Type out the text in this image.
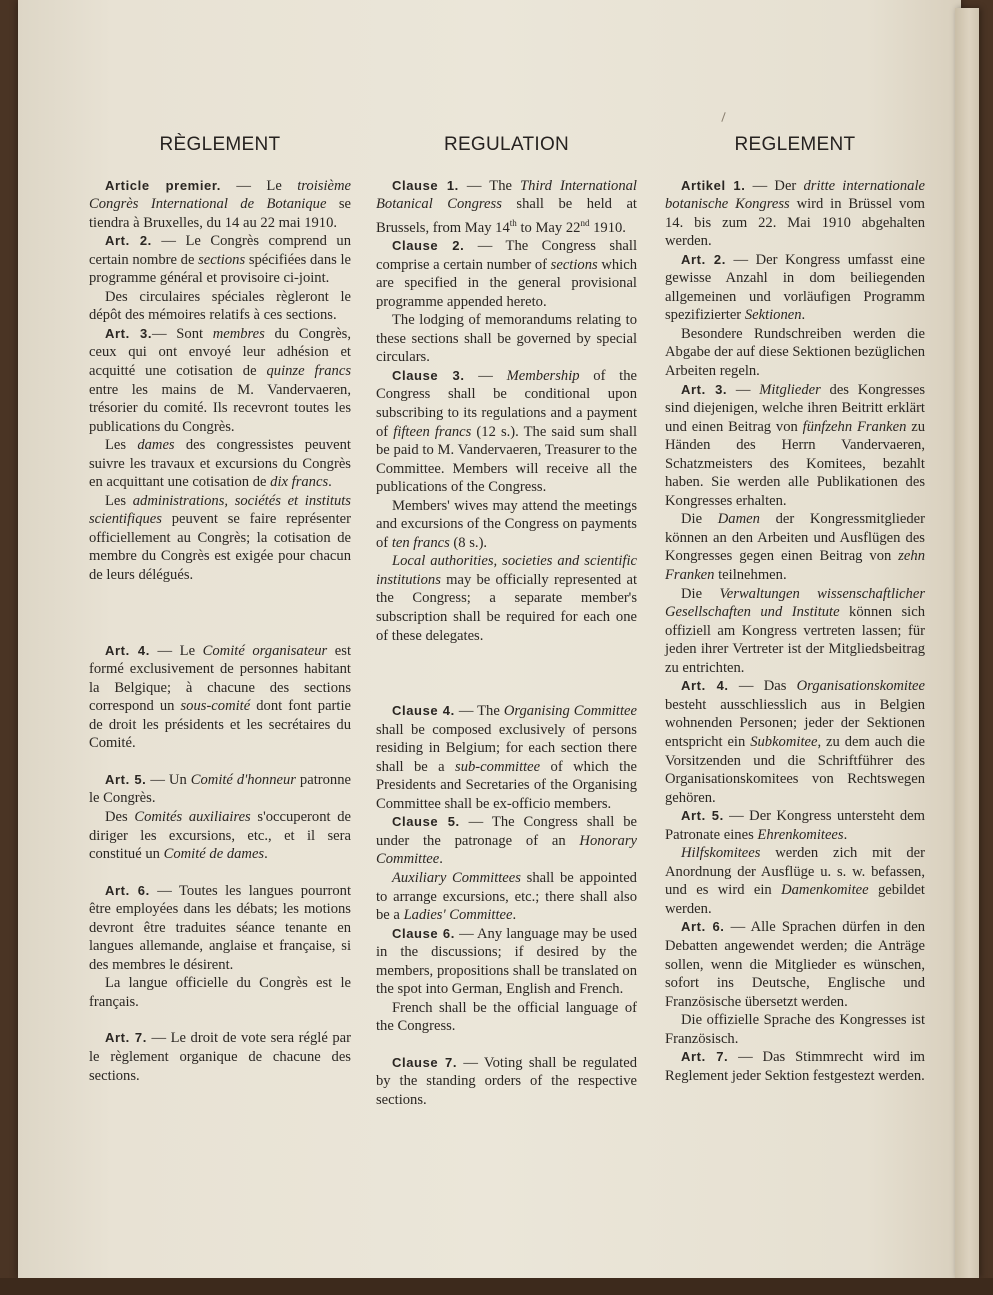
RÈGLEMENT

Article premier. — Le troisième Congrès International de Botanique se tiendra à Bruxelles, du 14 au 22 mai 1910.

Art. 2. — Le Congrès comprend un certain nombre de sections spécifiées dans le programme général et provisoire ci-joint.

Des circulaires spéciales règleront le dépôt des mémoires relatifs à ces sections.

Art. 3.— Sont membres du Congrès, ceux qui ont envoyé leur adhésion et acquitté une cotisation de quinze francs entre les mains de M. Vandervaeren, trésorier du comité. Ils recevront toutes les publications du Congrès.

Les dames des congressistes peuvent suivre les travaux et excursions du Congrès en acquittant une cotisation de dix francs.

Les administrations, sociétés et instituts scientifiques peuvent se faire représenter officiellement au Congrès; la cotisation de membre du Congrès est exigée pour chacun de leurs délégués.

Art. 4. — Le Comité organisateur est formé exclusivement de personnes habitant la Belgique; à chacune des sections correspond un sous-comité dont font partie de droit les présidents et les secrétaires du Comité.

Art. 5. — Un Comité d'honneur patronne le Congrès.

Des Comités auxiliaires s'occuperont de diriger les excursions, etc., et il sera constitué un Comité de dames.

Art. 6. — Toutes les langues pourront être employées dans les débats; les motions devront être traduites séance tenante en langues allemande, anglaise et française, si des membres le désirent.

La langue officielle du Congrès est le français.

Art. 7. — Le droit de vote sera réglé par le règlement organique de chacune des sections.

REGULATION

Clause 1. — The Third International Botanical Congress shall be held at Brussels, from May 14th to May 22nd 1910.

Clause 2. — The Congress shall comprise a certain number of sections which are specified in the general provisional programme appended hereto.

The lodging of memorandums relating to these sections shall be governed by special circulars.

Clause 3. — Membership of the Congress shall be conditional upon subscribing to its regulations and a payment of fifteen francs (12 s.). The said sum shall be paid to M. Vandervaeren, Treasurer to the Committee. Members will receive all the publications of the Congress.

Members' wives may attend the meetings and excursions of the Congress on payments of ten francs (8 s.).

Local authorities, societies and scientific institutions may be officially represented at the Congress; a separate member's subscription shall be required for each one of these delegates.

Clause 4. — The Organising Committee shall be composed exclusively of persons residing in Belgium; for each section there shall be a sub-committee of which the Presidents and Secretaries of the Organising Committee shall be ex-officio members.

Clause 5. — The Congress shall be under the patronage of an Honorary Committee.

Auxiliary Committees shall be appointed to arrange excursions, etc.; there shall also be a Ladies' Committee.

Clause 6. — Any language may be used in the discussions; if desired by the members, propositions shall be translated on the spot into German, English and French.

French shall be the official language of the Congress.

Clause 7. — Voting shall be regulated by the standing orders of the respective sections.

REGLEMENT

Artikel 1. — Der dritte internationale botanische Kongress wird in Brüssel vom 14. bis zum 22. Mai 1910 abgehalten werden.

Art. 2. — Der Kongress umfasst eine gewisse Anzahl in dom beiliegenden allgemeinen und vorläufigen Programm spezifizierter Sektionen.

Besondere Rundschreiben werden die Abgabe der auf diese Sektionen bezüglichen Arbeiten regeln.

Art. 3. — Mitglieder des Kongresses sind diejenigen, welche ihren Beitritt erklärt und einen Beitrag von fünfzehn Franken zu Händen des Herrn Vandervaeren, Schatzmeisters des Komitees, bezahlt haben. Sie werden alle Publikationen des Kongresses erhalten.

Die Damen der Kongressmitglieder können an den Arbeiten und Ausflügen des Kongresses gegen einen Beitrag von zehn Franken teilnehmen.

Die Verwaltungen wissenschaftlicher Gesellschaften und Institute können sich offiziell am Kongress vertreten lassen; für jeden ihrer Vertreter ist der Mitgliedsbeitrag zu entrichten.

Art. 4. — Das Organisationskomitee besteht ausschliesslich aus in Belgien wohnenden Personen; jeder der Sektionen entspricht ein Subkomitee, zu dem auch die Vorsitzenden und die Schriftführer des Organisationskomitees von Rechtswegen gehören.

Art. 5. — Der Kongress untersteht dem Patronate eines Ehrenkomitees.

Hilfskomitees werden zich mit der Anordnung der Ausflüge u. s. w. befassen, und es wird ein Damenkomitee gebildet werden.

Art. 6. — Alle Sprachen dürfen in den Debatten angewendet werden; die Anträge sollen, wenn die Mitglieder es wünschen, sofort ins Deutsche, Englische und Französische übersetzt werden.

Die offizielle Sprache des Kongresses ist Französisch.

Art. 7. — Das Stimmrecht wird im Reglement jeder Sektion festgestezt werden.
